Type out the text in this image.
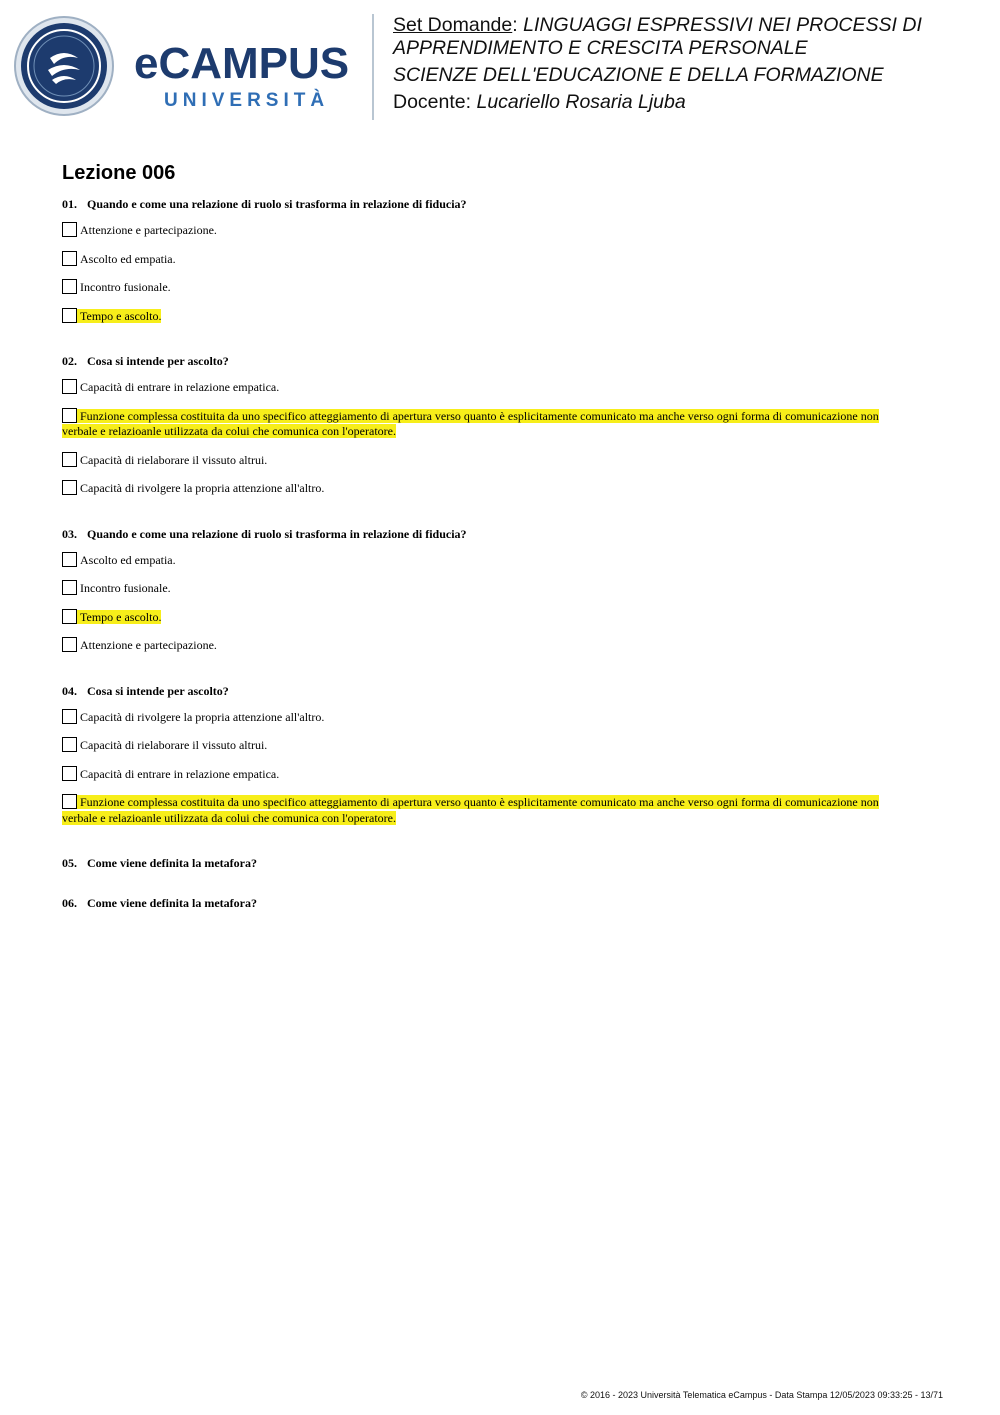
eCAMPUS
UNIVERSITÀ
Set Domande: LINGUAGGI ESPRESSIVI NEI PROCESSI DI APPRENDIMENTO E CRESCITA PERSONALE
SCIENZE DELL'EDUCAZIONE E DELLA FORMAZIONE
Docente: Lucariello Rosaria Ljuba
Lezione 006
01. Quando e come una relazione di ruolo si trasforma in relazione di fiducia?
Attenzione e partecipazione.
Ascolto ed empatia.
Incontro fusionale.
Tempo e ascolto.
02. Cosa si intende per ascolto?
Capacità di entrare in relazione empatica.
Funzione complessa costituita da uno specifico atteggiamento di apertura verso quanto è esplicitamente comunicato ma anche verso ogni forma di comunicazione non verbale e relazioanle utilizzata da colui che comunica con l'operatore.
Capacità di rielaborare il vissuto altrui.
Capacità di rivolgere la propria attenzione all'altro.
03. Quando e come una relazione di ruolo si trasforma in relazione di fiducia?
Ascolto ed empatia.
Incontro fusionale.
Tempo e ascolto.
Attenzione e partecipazione.
04. Cosa si intende per ascolto?
Capacità di rivolgere la propria attenzione all'altro.
Capacità di rielaborare il vissuto altrui.
Capacità di entrare in relazione empatica.
Funzione complessa costituita da uno specifico atteggiamento di apertura verso quanto è esplicitamente comunicato ma anche verso ogni forma di comunicazione non verbale e relazioanle utilizzata da colui che comunica con l'operatore.
05. Come viene definita la metafora?
06. Come viene definita la metafora?
© 2016 - 2023 Università Telematica eCampus - Data Stampa 12/05/2023 09:33:25 - 13/71
